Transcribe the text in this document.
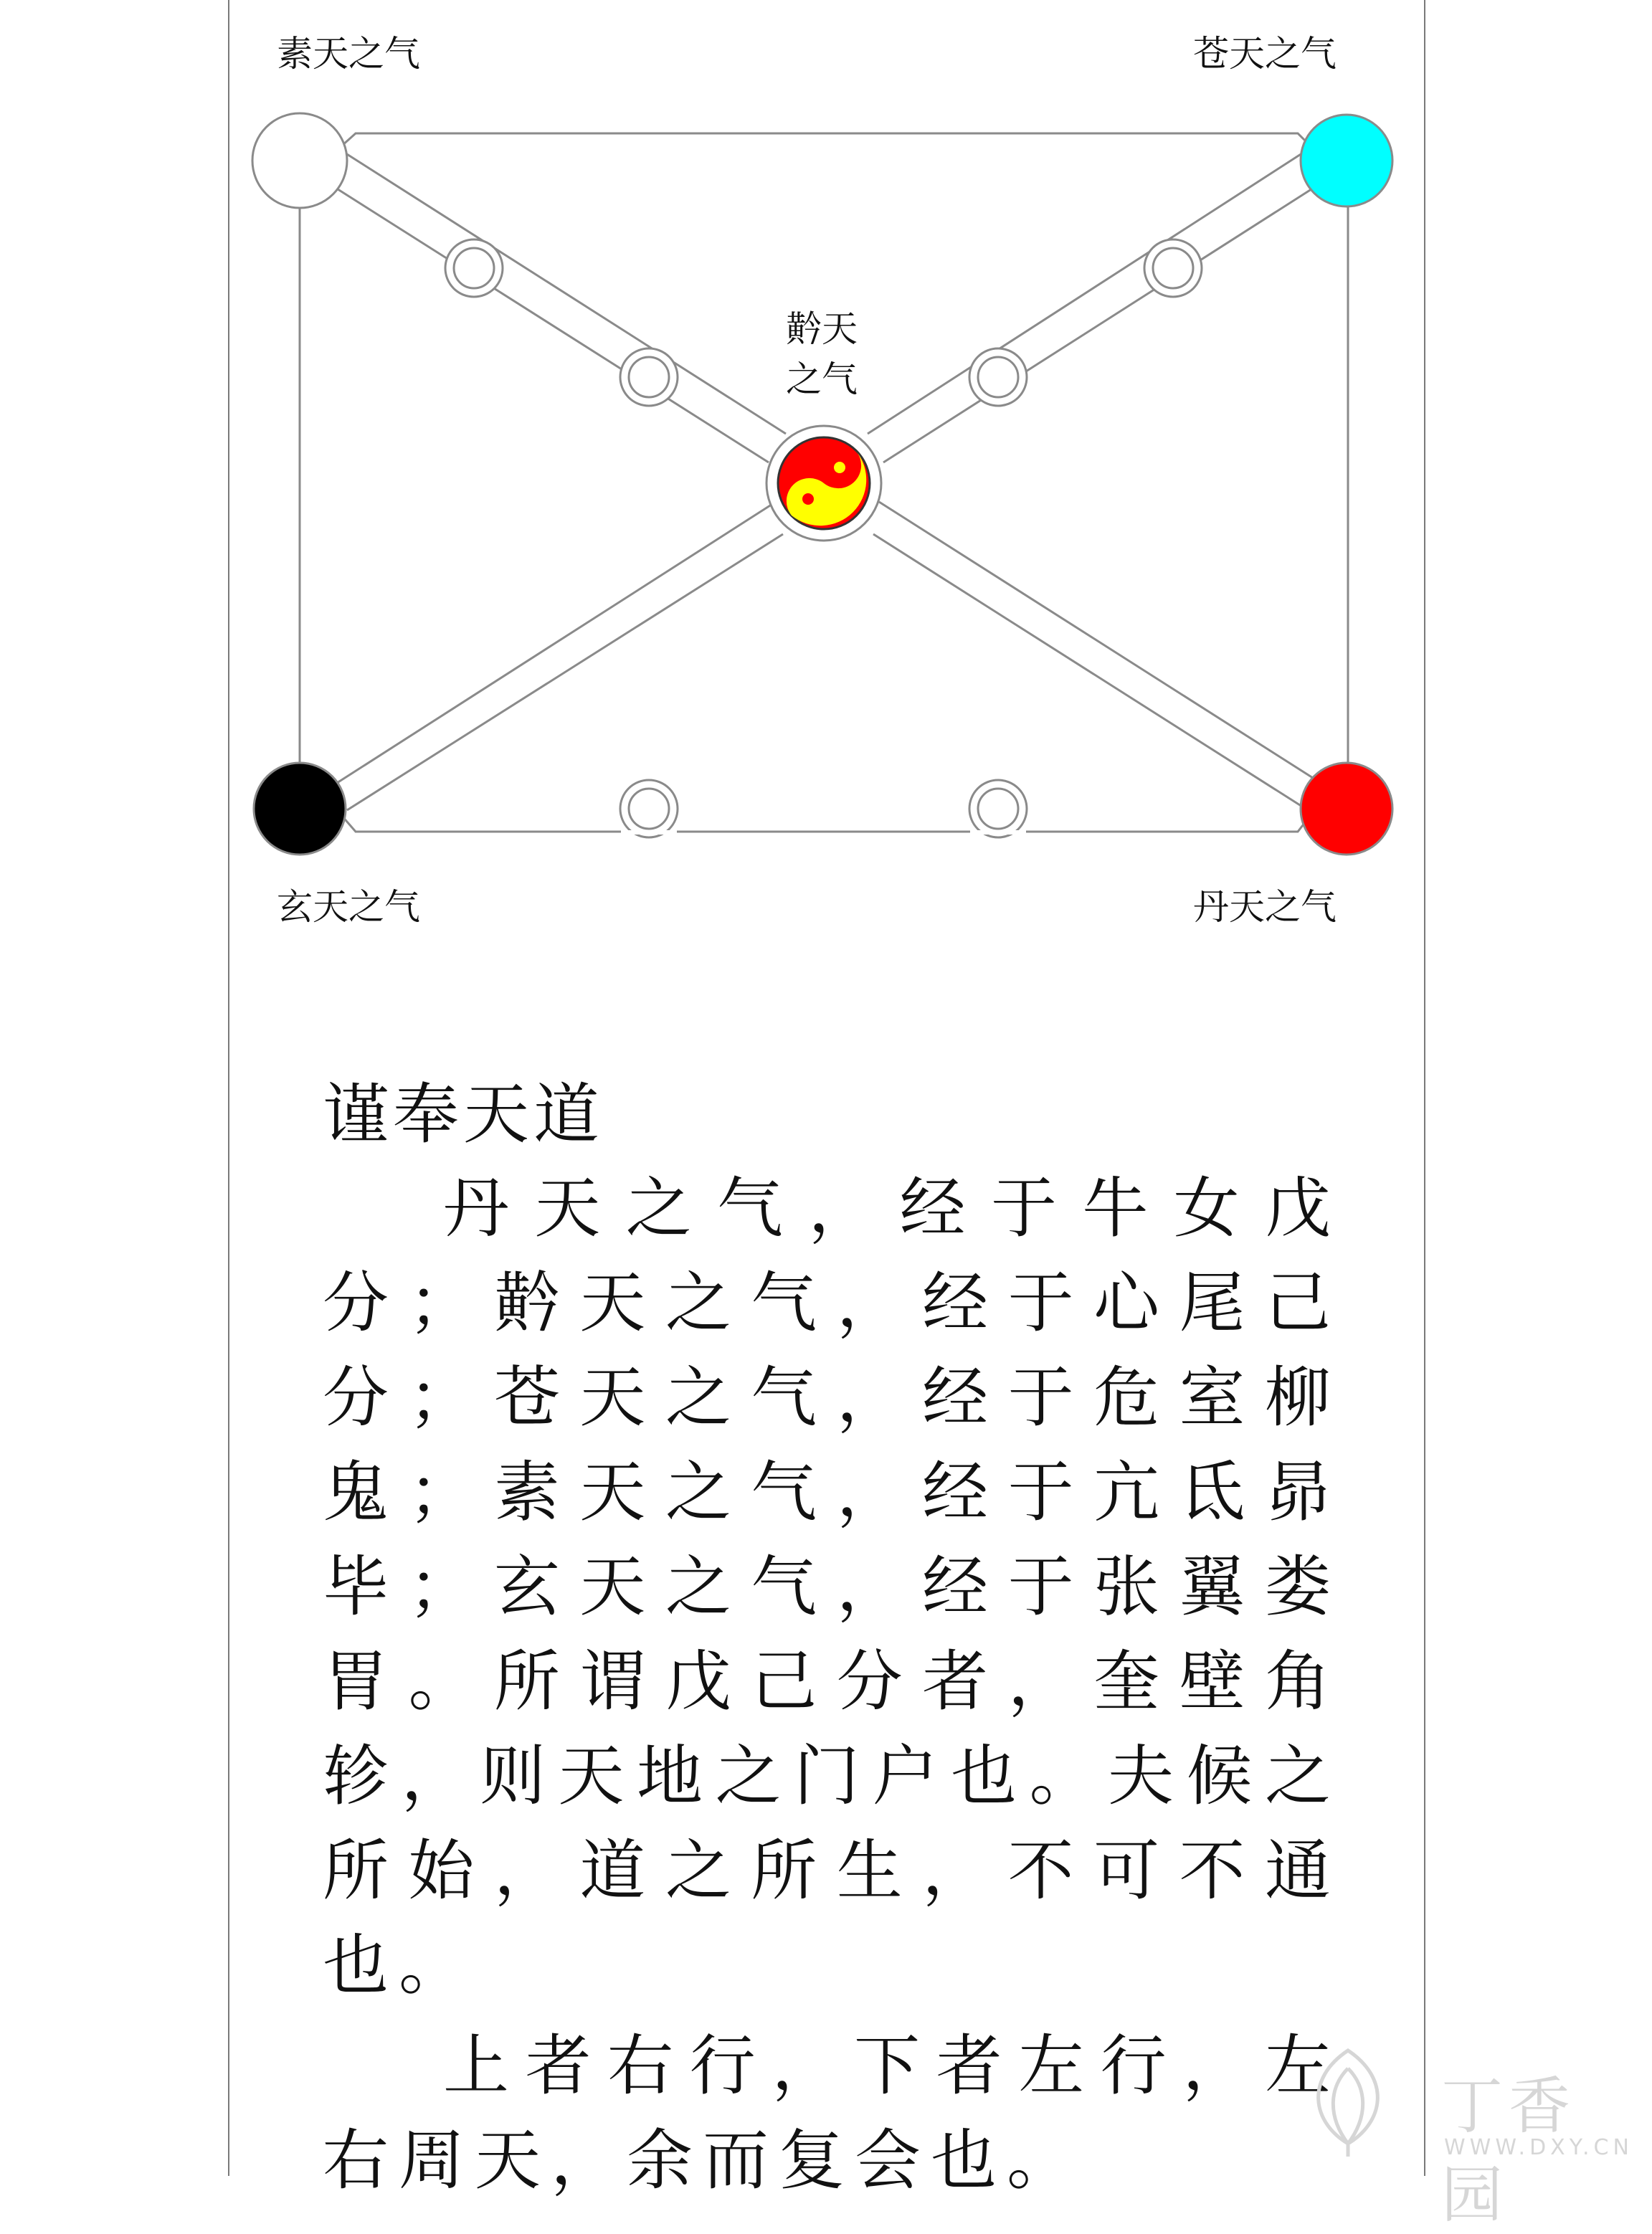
素天之气	苍天之气
玄天之气	丹天之气
黅天
之气

谨奉天道

丹天之气，经于牛女戊分；黅天之气，经于心尾己分；苍天之气，经于危室柳鬼；素天之气，经于亢氐昴毕；玄天之气，经于张翼娄胃。所谓戊己分者，奎壁角轸，则天地之门户也。夫候之所始，道之所生，不可不通也。

上者右行，下者左行，左右周天，余而复会也。

丁香园
WWW.DXY.CN
